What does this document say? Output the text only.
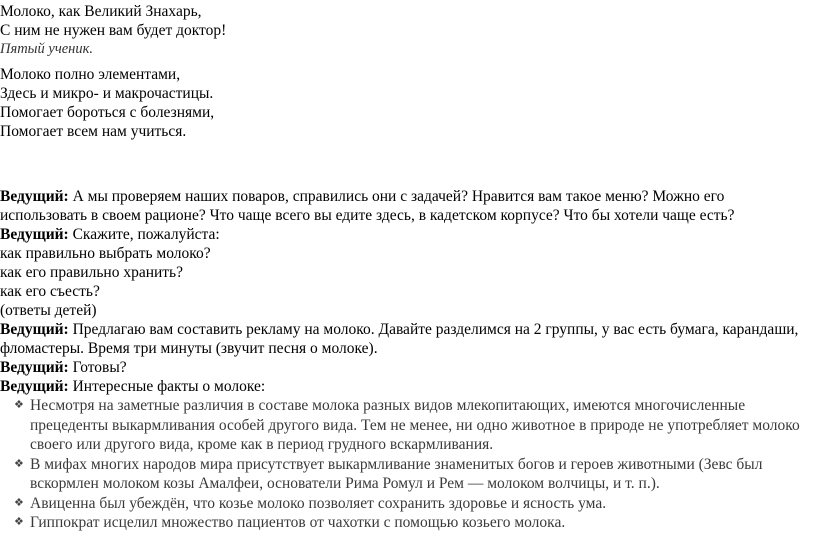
Молоко, как Великий Знахарь,
С ним не нужен вам будет доктор!
Пятый ученик.
Молоко полно элементами,
Здесь и микро- и макрочастицы.
Помогает бороться с болезнями,
Помогает всем нам учиться.
Ведущий: А мы проверяем наших поваров, справились они с задачей? Нравится вам такое меню? Можно его использовать в своем рационе? Что чаще всего вы едите здесь, в кадетском корпусе? Что бы хотели чаще есть?
Ведущий: Скажите, пожалуйста:
как правильно выбрать молоко?
как его правильно хранить?
как его съесть?
(ответы детей)
Ведущий: Предлагаю вам составить рекламу на молоко. Давайте разделимся на 2 группы, у вас есть бумага, карандаши, фломастеры. Время три минуты (звучит песня о молоке).
Ведущий: Готовы?
Ведущий: Интересные факты о молоке:
❖ Несмотря на заметные различия в составе молока разных видов млекопитающих, имеются многочисленные прецеденты выкармливания особей другого вида. Тем не менее, ни одно животное в природе не употребляет молоко своего или другого вида, кроме как в период грудного вскармливания.
❖ В мифах многих народов мира присутствует выкармливание знаменитых богов и героев животными (Зевс был вскормлен молоком козы Амалфеи, основатели Рима Ромул и Рем — молоком волчицы, и т. п.).
❖ Авиценна был убеждён, что козье молоко позволяет сохранить здоровье и ясность ума.
❖ Гиппократ исцелил множество пациентов от чахотки с помощью козьего молока.
